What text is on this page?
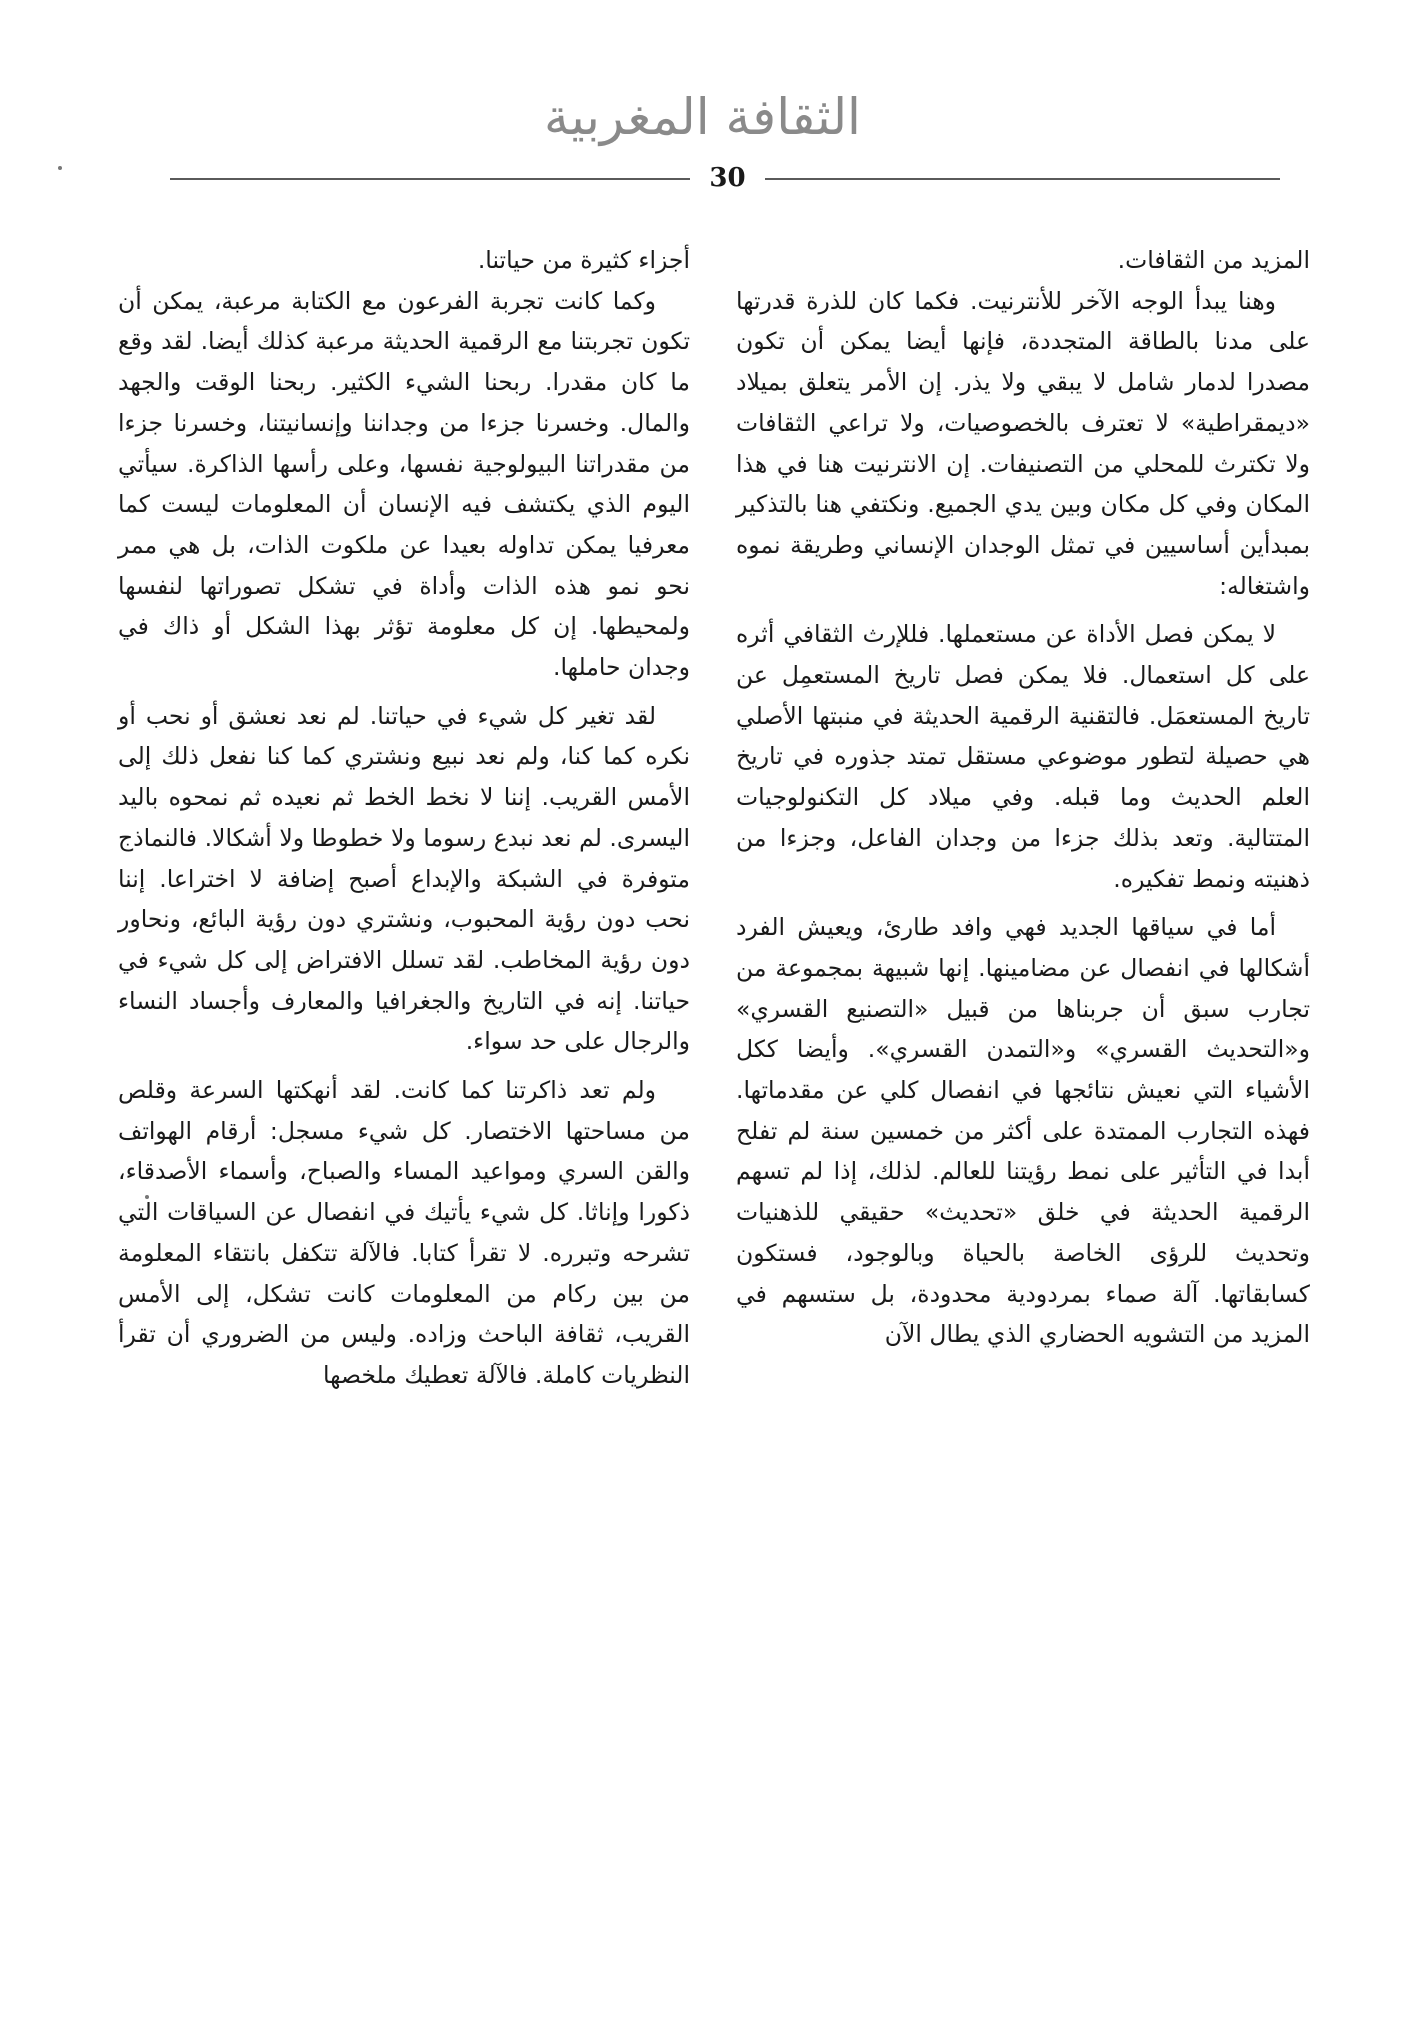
الثقافة المغربية
30

المزيد من الثقافات.

وهنا يبدأ الوجه الآخر للأنترنيت. فكما كان للذرة قدرتها على مدنا بالطاقة المتجددة، فإنها أيضا يمكن أن تكون مصدرا لدمار شامل لا يبقي ولا يذر. إن الأمر يتعلق بميلاد «ديمقراطية» لا تعترف بالخصوصيات، ولا تراعي الثقافات ولا تكترث للمحلي من التصنيفات. إن الانترنيت هنا في هذا المكان وفي كل مكان وبين يدي الجميع. ونكتفي هنا بالتذكير بمبدأين أساسيين في تمثل الوجدان الإنساني وطريقة نموه واشتغاله:

لا يمكن فصل الأداة عن مستعملها. فللإرث الثقافي أثره على كل استعمال. فلا يمكن فصل تاريخ المستعمِل عن تاريخ المستعمَل. فالتقنية الرقمية الحديثة في منبتها الأصلي هي حصيلة لتطور موضوعي مستقل تمتد جذوره في تاريخ العلم الحديث وما قبله. وفي ميلاد كل التكنولوجيات المتتالية. وتعد بذلك جزءا من وجدان الفاعل، وجزءا من ذهنيته ونمط تفكيره.

أما في سياقها الجديد فهي وافد طارئ، ويعيش الفرد أشكالها في انفصال عن مضامينها. إنها شبيهة بمجموعة من تجارب سبق أن جربناها من قبيل «التصنيع القسري» و«التحديث القسري» و«التمدن القسري». وأيضا ككل الأشياء التي نعيش نتائجها في انفصال كلي عن مقدماتها. فهذه التجارب الممتدة على أكثر من خمسين سنة لم تفلح أبدا في التأثير على نمط رؤيتنا للعالم. لذلك، إذا لم تسهم الرقمية الحديثة في خلق «تحديث» حقيقي للذهنيات وتحديث للرؤى الخاصة بالحياة وبالوجود، فستكون كسابقاتها. آلة صماء بمردودية محدودة، بل ستسهم في المزيد من التشويه الحضاري الذي يطال الآن

أجزاء كثيرة من حياتنا.

وكما كانت تجربة الفرعون مع الكتابة مرعبة، يمكن أن تكون تجربتنا مع الرقمية الحديثة مرعبة كذلك أيضا. لقد وقع ما كان مقدرا. ربحنا الشيء الكثير. ربحنا الوقت والجهد والمال. وخسرنا جزءا من وجداننا وإنسانيتنا، وخسرنا جزءا من مقدراتنا البيولوجية نفسها، وعلى رأسها الذاكرة. سيأتي اليوم الذي يكتشف فيه الإنسان أن المعلومات ليست كما معرفيا يمكن تداوله بعيدا عن ملكوت الذات، بل هي ممر نحو نمو هذه الذات وأداة في تشكل تصوراتها لنفسها ولمحيطها. إن كل معلومة تؤثر بهذا الشكل أو ذاك في وجدان حاملها.

لقد تغير كل شيء في حياتنا. لم نعد نعشق أو نحب أو نكره كما كنا، ولم نعد نبيع ونشتري كما كنا نفعل ذلك إلى الأمس القريب. إننا لا نخط الخط ثم نعيده ثم نمحوه باليد اليسرى. لم نعد نبدع رسوما ولا خطوطا ولا أشكالا. فالنماذج متوفرة في الشبكة والإبداع أصبح إضافة لا اختراعا. إننا نحب دون رؤية المحبوب، ونشتري دون رؤية البائع، ونحاور دون رؤية المخاطب. لقد تسلل الافتراض إلى كل شيء في حياتنا. إنه في التاريخ والجغرافيا والمعارف وأجساد النساء والرجال على حد سواء.

ولم تعد ذاكرتنا كما كانت. لقد أنهكتها السرعة وقلص من مساحتها الاختصار. كل شيء مسجل: أرقام الهواتف والقن السري ومواعيد المساء والصباح، وأسماء الأصدقاء، ذكورا وإناثا. كل شيء يأتيك في انفصال عن السياقات التي تشرحه وتبرره. لا تقرأ كتابا. فالآلة تتكفل بانتقاء المعلومة من بين ركام من المعلومات كانت تشكل، إلى الأمس القريب، ثقافة الباحث وزاده. وليس من الضروري أن تقرأ النظريات كاملة. فالآلة تعطيك ملخصها
